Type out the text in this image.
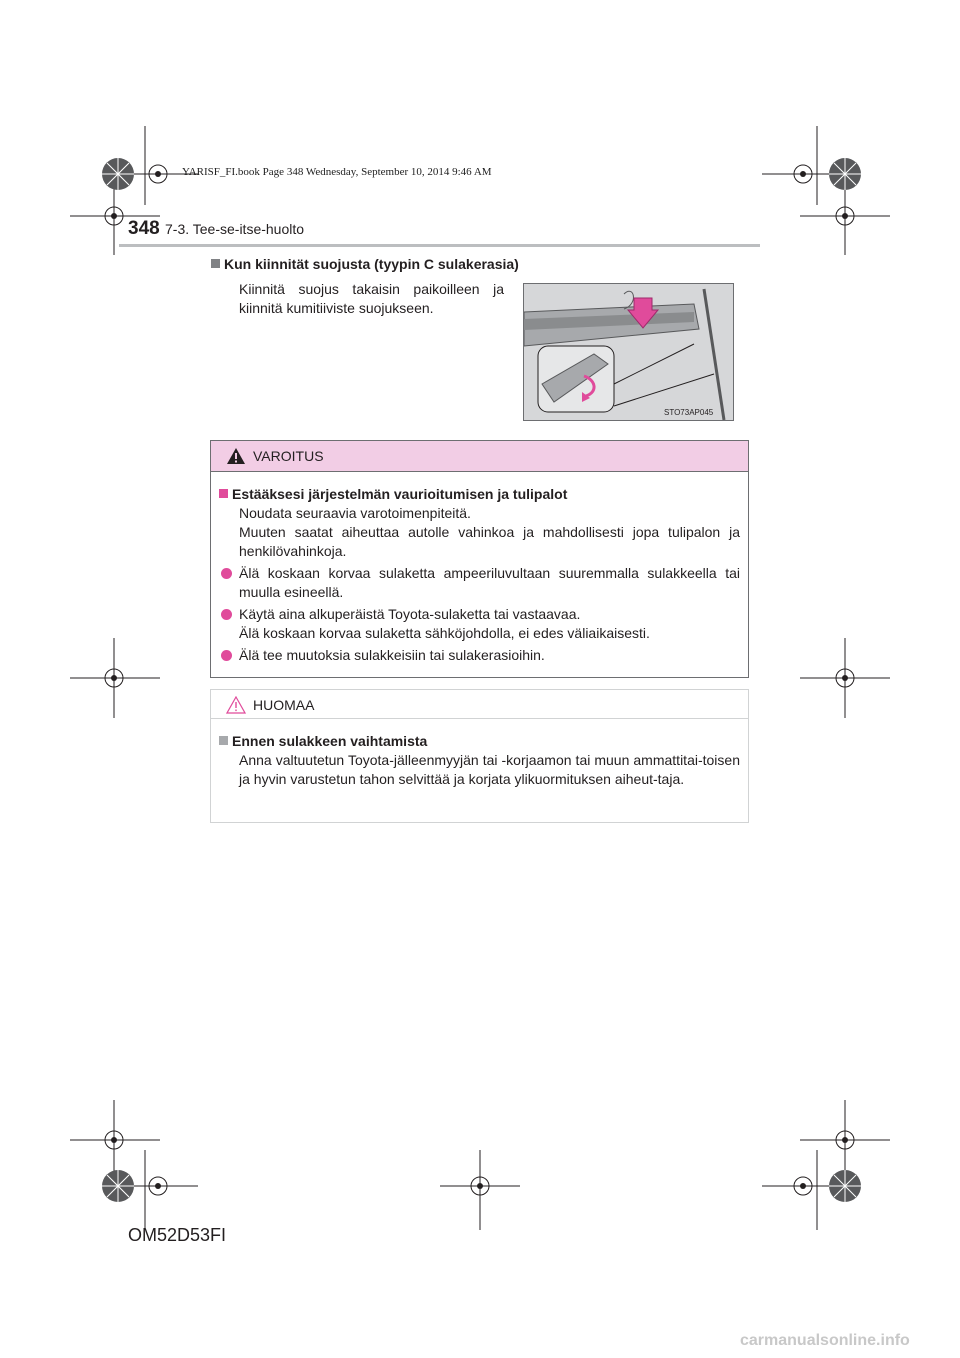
YARISF_FI.book Page 348 Wednesday, September 10, 2014 9:46 AM
348 7-3. Tee-se-itse-huolto
Kun kiinnität suojusta (tyypin C sulakerasia)
Kiinnitä suojus takaisin paikoilleen ja kiinnitä kumitiiviste suojukseen.
STO73AP045
VAROITUS
Estääksesi järjestelmän vaurioitumisen ja tulipalot
Noudata seuraavia varotoimenpiteitä.
Muuten saatat aiheuttaa autolle vahinkoa ja mahdollisesti jopa tulipalon ja henkilövahinkoja.
Älä koskaan korvaa sulaketta ampeeriluvultaan suuremmalla sulakkeella tai muulla esineellä.
Käytä aina alkuperäistä Toyota-sulaketta tai vastaavaa.
Älä koskaan korvaa sulaketta sähköjohdolla, ei edes väliaikaisesti.
Älä tee muutoksia sulakkeisiin tai sulakerasioihin.
HUOMAA
Ennen sulakkeen vaihtamista
Anna valtuutetun Toyota-jälleenmyyjän tai -korjaamon tai muun ammattitai-toisen ja hyvin varustetun tahon selvittää ja korjata ylikuormituksen aiheut-taja.
OM52D53FI
carmanualsonline.info
